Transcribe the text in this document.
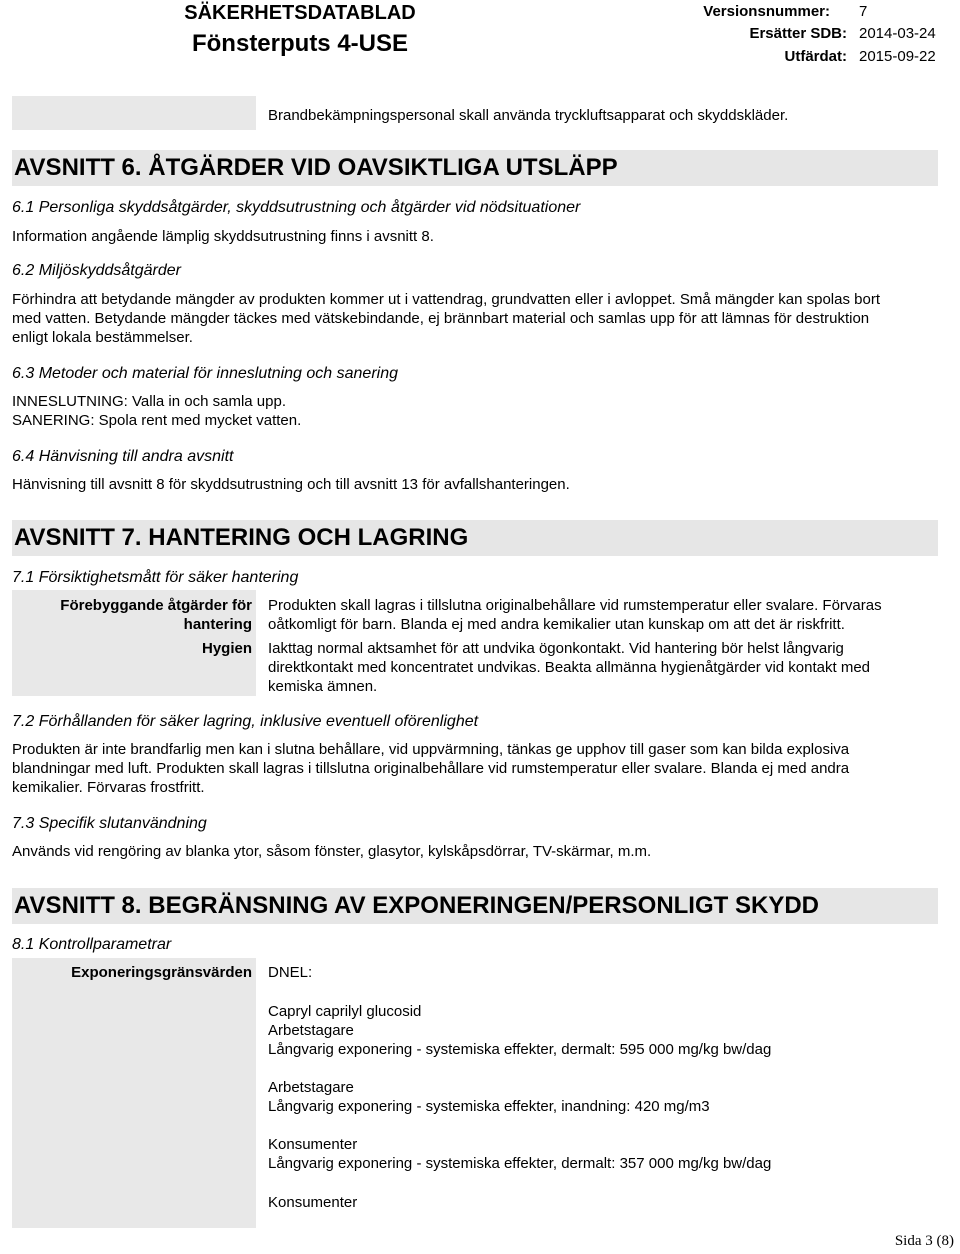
SÄKERHETSDATABLAD
Fönsterputs 4-USE
Versionsnummer: 7
Ersätter SDB: 2014-03-24
Utfärdat: 2015-09-22
Brandbekämpningspersonal skall använda tryckluftsapparat och skyddskläder.
AVSNITT 6. ÅTGÄRDER VID OAVSIKTLIGA UTSLÄPP
6.1 Personliga skyddsåtgärder, skyddsutrustning och åtgärder vid nödsituationer
Information angående lämplig skyddsutrustning finns i avsnitt 8.
6.2 Miljöskyddsåtgärder
Förhindra att betydande mängder av produkten kommer ut i vattendrag, grundvatten eller i avloppet. Små mängder kan spolas bort
med vatten. Betydande mängder täckes med vätskebindande, ej brännbart material och samlas upp för att lämnas för destruktion
enligt lokala bestämmelser.
6.3 Metoder och material för inneslutning och sanering
INNESLUTNING: Valla in och samla upp.
SANERING: Spola rent med mycket vatten.
6.4 Hänvisning till andra avsnitt
Hänvisning till avsnitt 8 för skyddsutrustning och till avsnitt 13 för avfallshanteringen.
AVSNITT 7. HANTERING OCH LAGRING
7.1 Försiktighetsmått för säker hantering
Förebyggande åtgärder för
hantering
Produkten skall lagras i tillslutna originalbehållare vid rumstemperatur eller svalare. Förvaras
oåtkomligt för barn. Blanda ej med andra kemikalier utan kunskap om att det är riskfritt.
Hygien Iakttag normal aktsamhet för att undvika ögonkontakt. Vid hantering bör helst långvarig
direktkontakt med koncentratet undvikas. Beakta allmänna hygienåtgärder vid kontakt med
kemiska ämnen.
7.2 Förhållanden för säker lagring, inklusive eventuell oförenlighet
Produkten är inte brandfarlig men kan i slutna behållare, vid uppvärmning, tänkas ge upphov till gaser som kan bilda explosiva
blandningar med luft. Produkten skall lagras i tillslutna originalbehållare vid rumstemperatur eller svalare. Blanda ej med andra
kemikalier. Förvaras frostfritt.
7.3 Specifik slutanvändning
Används vid rengöring av blanka ytor, såsom fönster, glasytor, kylskåpsdörrar, TV-skärmar, m.m.
AVSNITT 8. BEGRÄNSNING AV EXPONERINGEN/PERSONLIGT SKYDD
8.1 Kontrollparametrar
Exponeringsgränsvärden DNEL:
Capryl caprilyl glucosid
Arbetstagare
Långvarig exponering - systemiska effekter, dermalt: 595 000 mg/kg bw/dag
Arbetstagare
Långvarig exponering - systemiska effekter, inandning: 420 mg/m3
Konsumenter
Långvarig exponering - systemiska effekter, dermalt: 357 000 mg/kg bw/dag
Konsumenter
Sida 3 (8)
